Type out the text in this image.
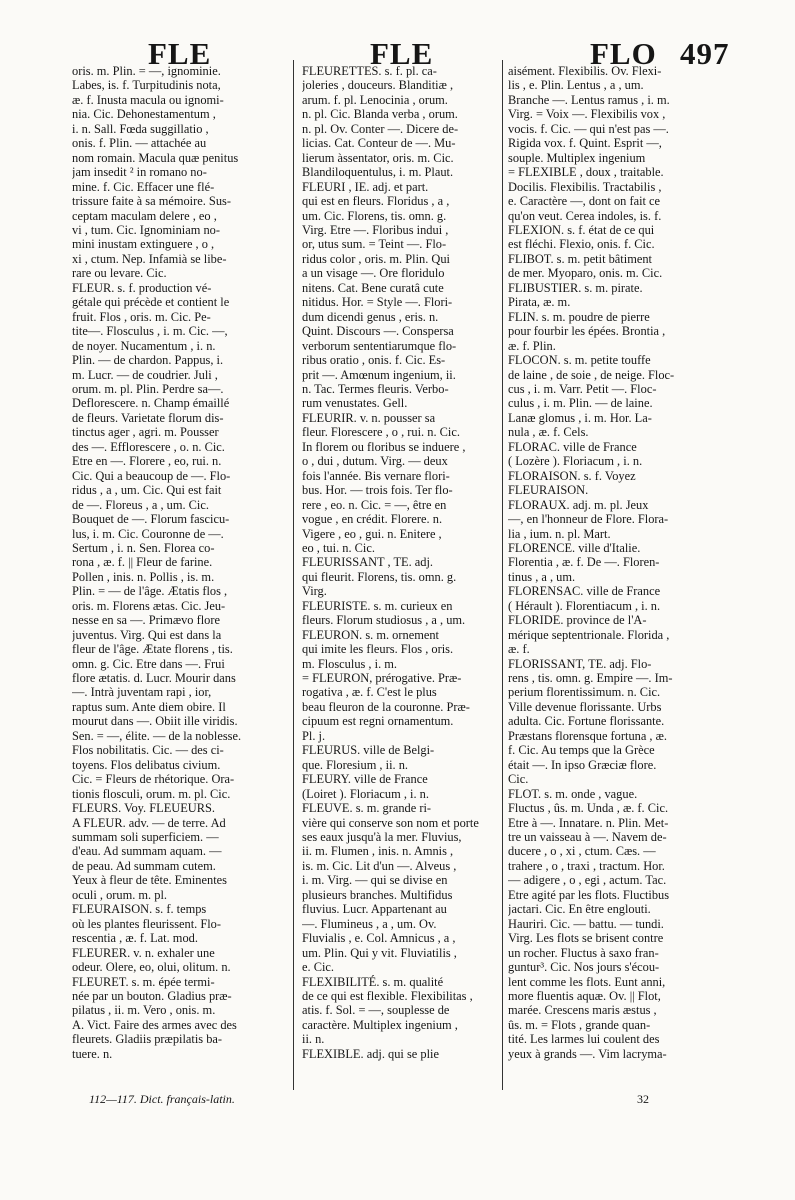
FLE	FLE	FLO 497

oris. m. Plin. = —, ignominie.

Labes, is. f. Turpitudinis nota,

æ. f. Inusta macula ou ignomi-

nia. Cic. Dehonestamentum ,

i. n. Sall. Fœda suggillatio ,

onis. f. Plin. — attachée au

nom romain. Macula quæ penitus

jam insedit ² in romano no-

mine. f. Cic. Effacer une flé-

trissure faite à sa mémoire. Sus-

ceptam maculam delere , eo ,

vi , tum. Cic. Ignominiam no-

mini inustam extinguere , o ,

xi , ctum. Nep. Infamià se libe-

rare ou levare. Cic.

FLEUR. s. f. production vé-

gétale qui précède et contient le

fruit. Flos , oris. m. Cic. Pe-

tite—. Flosculus , i. m. Cic. —,

de noyer. Nucamentum , i. n.

Plin. — de chardon. Pappus, i.

m. Lucr. — de coudrier. Juli ,

orum. m. pl. Plin. Perdre sa—.

Deflorescere. n. Champ émaillé

de fleurs. Varietate florum dis-

tinctus ager , agri. m. Pousser

des —. Efflorescere , o. n. Cic.

Etre en —. Florere , eo, rui. n.

Cic. Qui a beaucoup de —. Flo-

ridus , a , um. Cic. Qui est fait

de —. Floreus , a , um. Cic.

Bouquet de —. Florum fascicu-

lus, i. m. Cic. Couronne de —.

Sertum , i. n. Sen. Florea co-

rona , æ. f. || Fleur de farine.

Pollen , inis. n. Pollis , is. m.

Plin. = — de l'âge. Ætatis flos ,

oris. m. Florens ætas. Cic. Jeu-

nesse en sa —. Primævo flore

juventus. Virg. Qui est dans la

fleur de l'âge. Ætate florens , tis.

omn. g. Cic. Etre dans —. Frui

flore ætatis. d. Lucr. Mourir dans

—. Intrà juventam rapi , ior,

raptus sum. Ante diem obire. Il

mourut dans —. Obiit ille viridis.

Sen. = —, élite. — de la noblesse.

Flos nobilitatis. Cic. — des ci-

toyens. Flos delibatus civium.

Cic. = Fleurs de rhétorique. Ora-

tionis flosculi, orum. m. pl. Cic.

FLEURS. Voy. FLEUEURS.

A FLEUR. adv. — de terre. Ad

summam soli superficiem. —

d'eau. Ad summam aquam. —

de peau. Ad summam cutem.

Yeux à fleur de tête. Eminentes

oculi , orum. m. pl.

FLEURAISON. s. f. temps

où les plantes fleurissent. Flo-

rescentia , æ. f. Lat. mod.

FLEURER. v. n. exhaler une

odeur. Olere, eo, olui, olitum. n.

FLEURET. s. m. épée termi-

née par un bouton. Gladius præ-

pilatus , ii. m. Vero , onis. m.

A. Vict. Faire des armes avec des

fleurets. Gladiis præpilatis ba-

tuere. n.

FLEURETTES. s. f. pl. ca-

joleries , douceurs. Blanditiæ ,

arum. f. pl. Lenocinia , orum.

n. pl. Cic. Blanda verba , orum.

n. pl. Ov. Conter —. Dicere de-

licias. Cat. Conteur de —. Mu-

lierum àssentator, oris. m. Cic.

Blandiloquentulus, i. m. Plaut.

FLEURI , IE. adj. et part.

qui est en fleurs. Floridus , a ,

um. Cic. Florens, tis. omn. g.

Virg. Etre —. Floribus indui ,

or, utus sum. = Teint —. Flo-

ridus color , oris. m. Plin. Qui

a un visage —. Ore floridulo

nitens. Cat. Bene curatâ cute

nitidus. Hor. = Style —. Flori-

dum dicendi genus , eris. n.

Quint. Discours —. Conspersa

verborum sententiarumque flo-

ribus oratio , onis. f. Cic. Es-

prit —. Amœnum ingenium, ii.

n. Tac. Termes fleuris. Verbo-

rum venustates. Gell.

FLEURIR. v. n. pousser sa

fleur. Florescere , o , rui. n. Cic.

In florem ou floribus se induere ,

o , dui , dutum. Virg. — deux

fois l'année. Bis vernare flori-

bus. Hor. — trois fois. Ter flo-

rere , eo. n. Cic. = —, être en

vogue , en crédit. Florere. n.

Vigere , eo , gui. n. Enitere ,

eo , tui. n. Cic.

FLEURISSANT , TE. adj.

qui fleurit. Florens, tis. omn. g.

Virg.

FLEURISTE. s. m. curieux en

fleurs. Florum studiosus , a , um.

FLEURON. s. m. ornement

qui imite les fleurs. Flos , oris.

m. Flosculus , i. m.

= FLEURON, prérogative. Præ-

rogativa , æ. f. C'est le plus

beau fleuron de la couronne. Præ-

cipuum est regni ornamentum.

Pl. j.

FLEURUS. ville de Belgi-

que. Floresium , ii. n.

FLEURY. ville de France

(Loiret ). Floriacum , i. n.

FLEUVE. s. m. grande ri-

vière qui conserve son nom et porte

ses eaux jusqu'à la mer. Fluvius,

ii. m. Flumen , inis. n. Amnis ,

is. m. Cic. Lit d'un —. Alveus ,

i. m. Virg. — qui se divise en

plusieurs branches. Multifidus

fluvius. Lucr. Appartenant au

—. Flumineus , a , um. Ov.

Fluvialis , e. Col. Amnicus , a ,

um. Plin. Qui y vit. Fluviatilis ,

e. Cic.

FLEXIBILITÉ. s. m. qualité

de ce qui est flexible. Flexibilitas ,

atis. f. Sol. = —, souplesse de

caractère. Multiplex ingenium ,

ii. n.

FLEXIBLE. adj. qui se plie

aisément. Flexibilis. Ov. Flexi-

lis , e. Plin. Lentus , a , um.

Branche —. Lentus ramus , i. m.

Virg. = Voix —. Flexibilis vox ,

vocis. f. Cic. — qui n'est pas —.

Rigida vox. f. Quint. Esprit —,

souple. Multiplex ingenium

= FLEXIBLE , doux , traitable.

Docilis. Flexibilis. Tractabilis ,

e. Caractère —, dont on fait ce

qu'on veut. Cerea indoles, is. f.

FLEXION. s. f. état de ce qui

est fléchi. Flexio, onis. f. Cic.

FLIBOT. s. m. petit bâtiment

de mer. Myoparo, onis. m. Cic.

FLIBUSTIER. s. m. pirate.

Pirata, æ. m.

FLIN. s. m. poudre de pierre

pour fourbir les épées. Brontia ,

æ. f. Plin.

FLOCON. s. m. petite touffe

de laine , de soie , de neige. Floc-

cus , i. m. Varr. Petit —. Floc-

culus , i. m. Plin. — de laine.

Lanæ glomus , i. m. Hor. La-

nula , æ. f. Cels.

FLORAC. ville de France

( Lozère ). Floriacum , i. n.

FLORAISON. s. f. Voyez

FLEURAISON.

FLORAUX. adj. m. pl. Jeux

—, en l'honneur de Flore. Flora-

lia , ium. n. pl. Mart.

FLORENCE. ville d'Italie.

Florentia , æ. f. De —. Floren-

tinus , a , um.

FLORENSAC. ville de France

( Hérault ). Florentiacum , i. n.

FLORIDE. province de l'A-

mérique septentrionale. Florida ,

æ. f.

FLORISSANT, TE. adj. Flo-

rens , tis. omn. g. Empire —. Im-

perium florentissimum. n. Cic.

Ville devenue florissante. Urbs

adulta. Cic. Fortune florissante.

Præstans florensque fortuna , æ.

f. Cic. Au temps que la Grèce

était —. In ipso Græciæ flore.

Cic.

FLOT. s. m. onde , vague.

Fluctus , ûs. m. Unda , æ. f. Cic.

Etre à —. Innatare. n. Plin. Met-

tre un vaisseau à —. Navem de-

ducere , o , xi , ctum. Cæs. —

trahere , o , traxi , tractum. Hor.

— adigere , o , egi , actum. Tac.

Etre agité par les flots. Fluctibus

jactari. Cic. En être englouti.

Hauriri. Cic. — battu. — tundi.

Virg. Les flots se brisent contre

un rocher. Fluctus à saxo fran-

guntur³. Cic. Nos jours s'écou-

lent comme les flots. Eunt anni,

more fluentis aquæ. Ov. || Flot,

marée. Crescens maris æstus ,

ûs. m. = Flots , grande quan-

tité. Les larmes lui coulent des

yeux à grands —. Vim lacryma-

112—117. Dict. français-latin.	32
